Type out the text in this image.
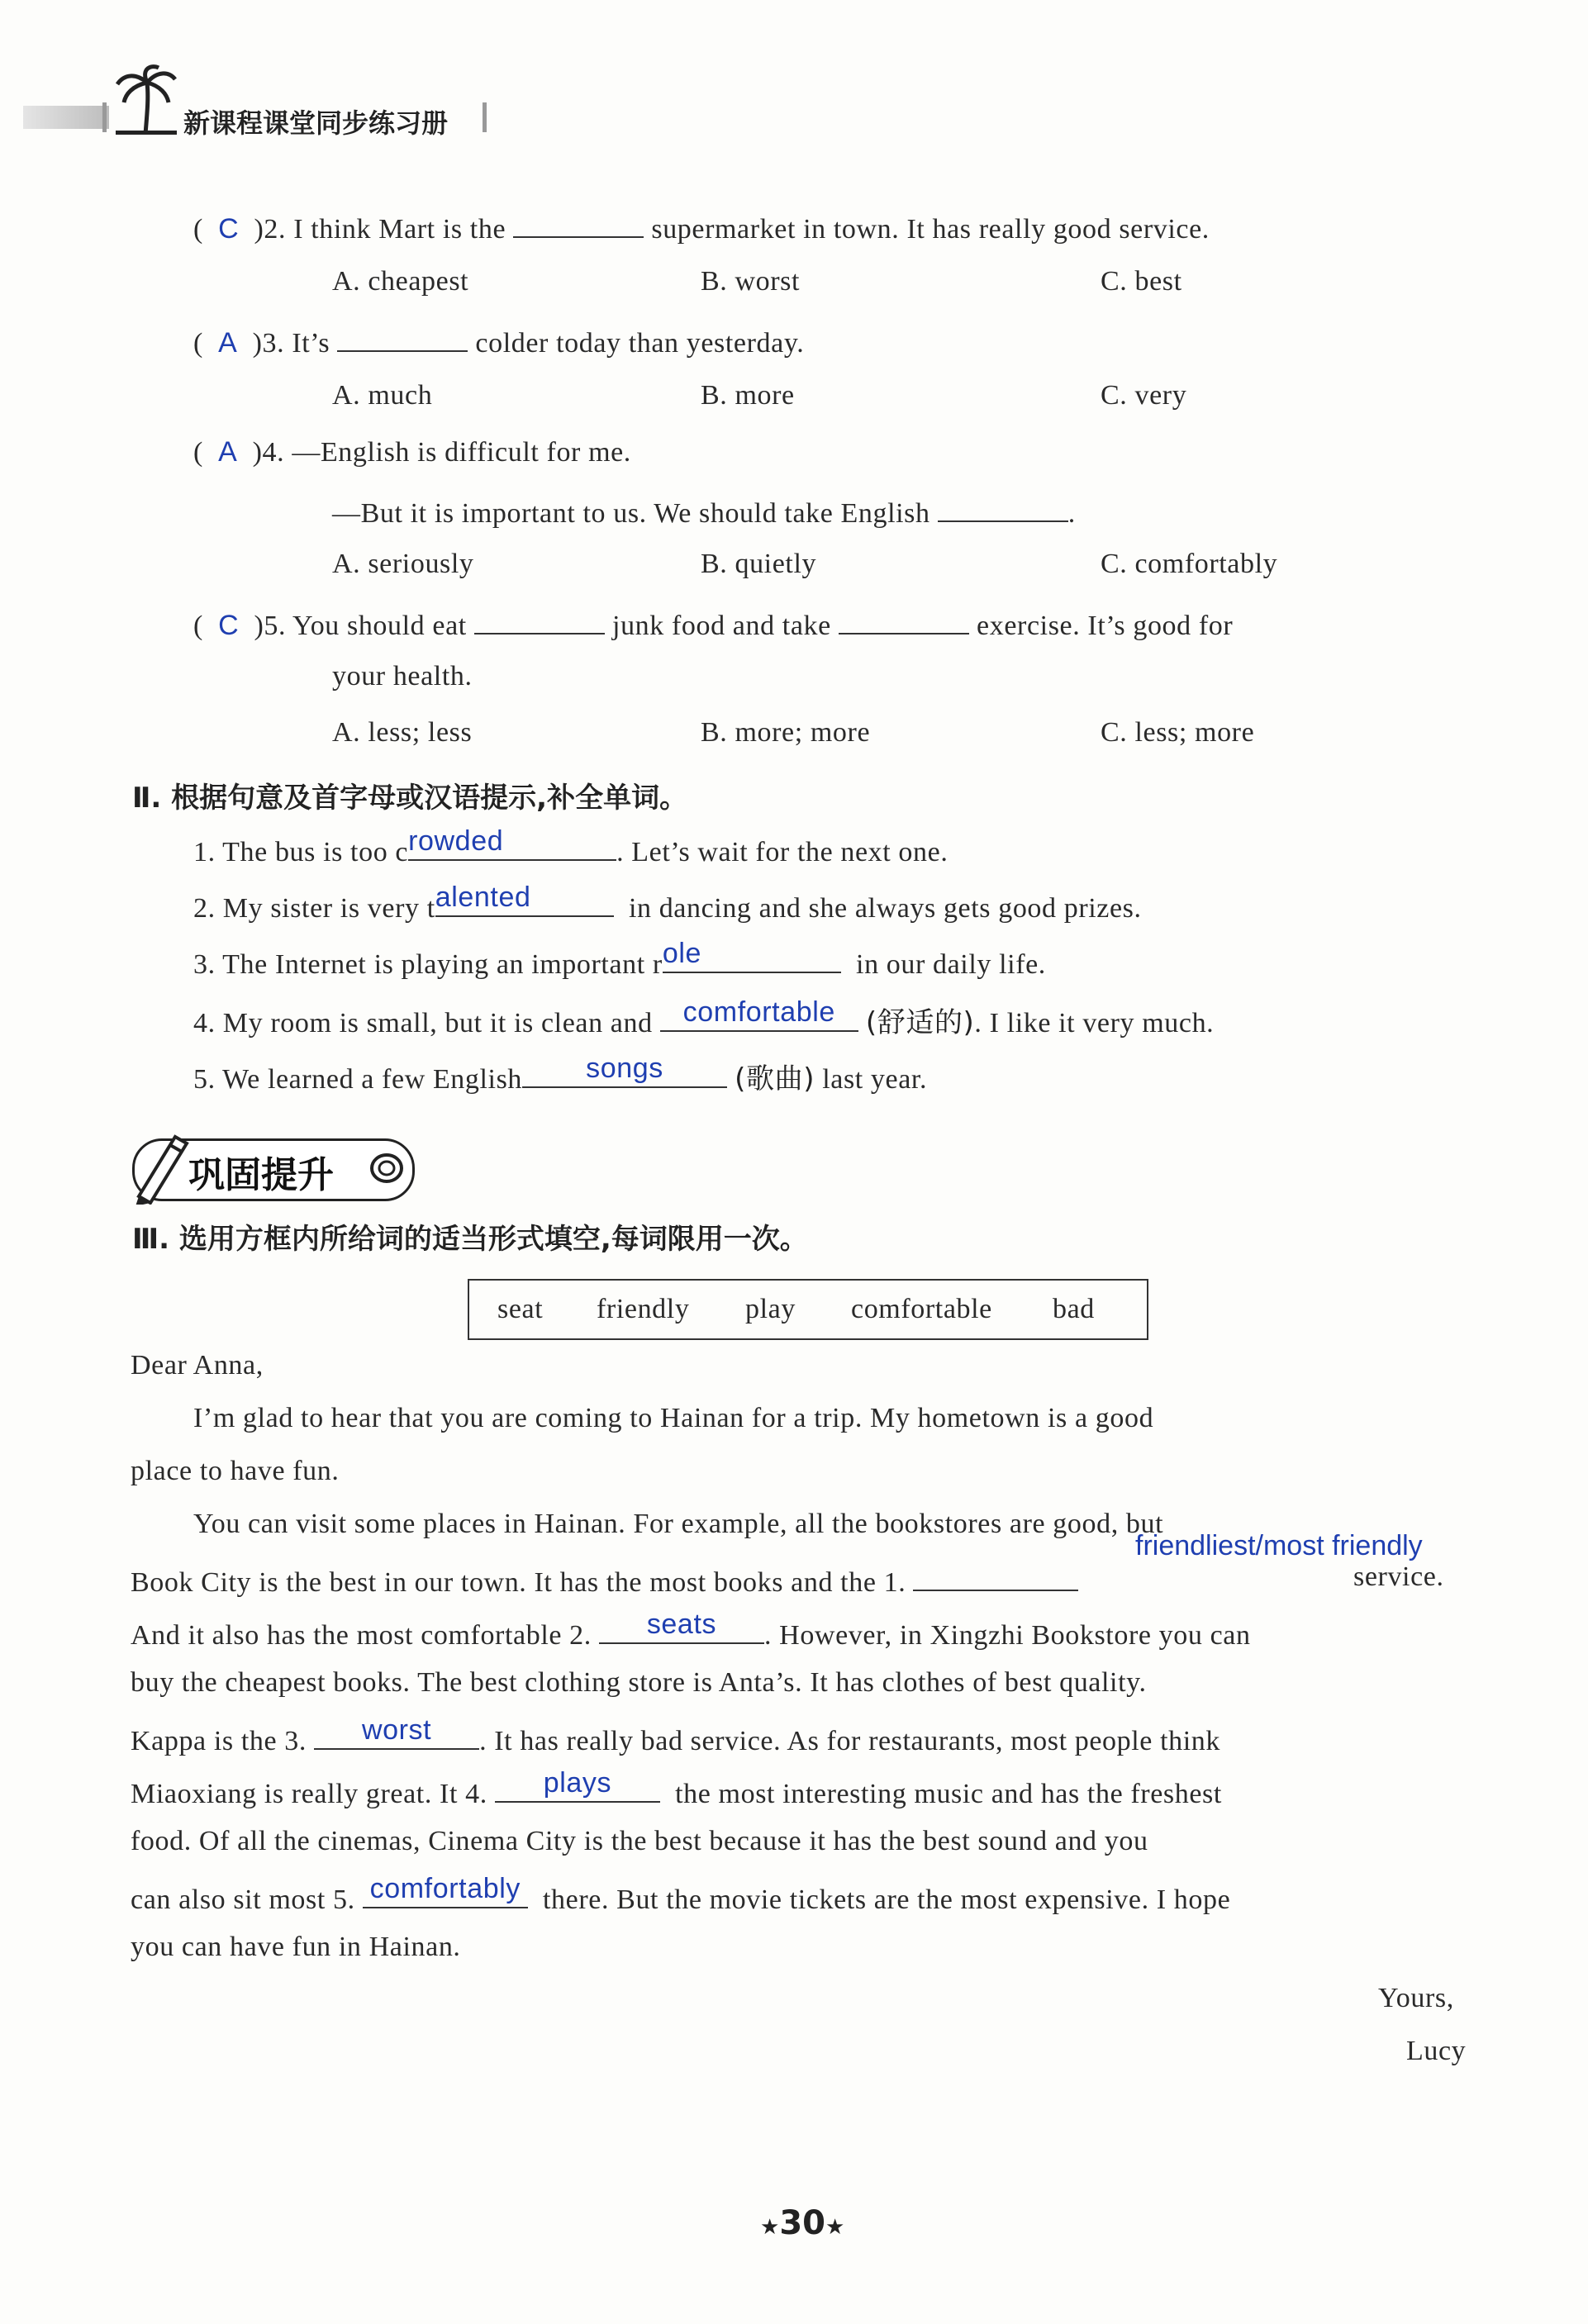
新课程课堂同步练习册
(  C )2. I think Mart is the	supermarket in town. It has really good service.
A. cheapest	B. worst	C. best
(  A )3. It’s	colder today than yesterday.
A. much	B. more	C. very
(  A )4. —English is difficult for me.
—But it is important to us. We should take English	.
A. seriously	B. quietly	C. comfortably
(  C )5. You should eat	junk food and take	exercise. It’s good for
your health.
A. less; less	B. more; more	C. less; more
Ⅱ. 根据句意及首字母或汉语提示,补全单词。
1. The bus is too c rowded	. Let’s wait for the next one.
2. My sister is very t alented	in dancing and she always gets good prizes.
3. The Internet is playing an important r ole	in our daily life.
4. My room is small, but it is clean and	comfortable	(舒适的). I like it very much.
5. We learned a few English	songs	(歌曲) last year.
巩固提升
Ⅲ. 选用方框内所给词的适当形式填空,每词限用一次。
seat friendly play comfortable bad
Dear Anna,
I’m glad to hear that you are coming to Hainan for a trip. My hometown is a good
place to have fun.
You can visit some places in Hainan. For example, all the bookstores are good, but
Book City is the best in our town. It has the most books and the 1.
friendliest/most friendly
service.
And it also has the most comfortable 2.	seats	. However, in Xingzhi Bookstore you can
buy the cheapest books. The best clothing store is Anta’s. It has clothes of best quality.
Kappa is the 3.	worst	. It has really bad service. As for restaurants, most people think
Miaoxiang is really great. It 4.	plays	the most interesting music and has the freshest
food. Of all the cinemas, Cinema City is the best because it has the best sound and you
can also sit most 5. comfortably there. But the movie tickets are the most expensive. I hope
you can have fun in Hainan.
Yours,
Lucy
★30★
